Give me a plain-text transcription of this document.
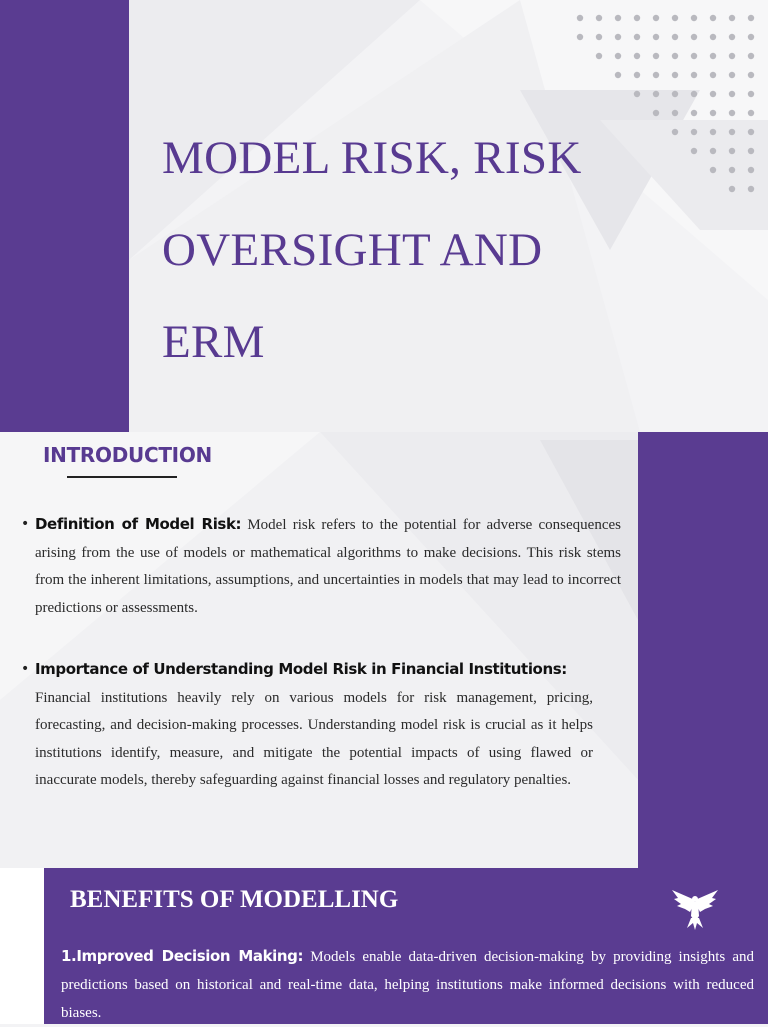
MODEL RISK, RISK OVERSIGHT AND ERM
INTRODUCTION
• Definition of Model Risk: Model risk refers to the potential for adverse consequences arising from the use of models or mathematical algorithms to make decisions. This risk stems from the inherent limitations, assumptions, and uncertainties in models that may lead to incorrect predictions or assessments.
• Importance of Understanding Model Risk in Financial Institutions:
Financial institutions heavily rely on various models for risk management, pricing, forecasting, and decision-making processes. Understanding model risk is crucial as it helps institutions identify, measure, and mitigate the potential impacts of using flawed or inaccurate models, thereby safeguarding against financial losses and regulatory penalties.
BENEFITS OF MODELLING
1.Improved Decision Making: Models enable data-driven decision-making by providing insights and predictions based on historical and real-time data, helping institutions make informed decisions with reduced biases.
